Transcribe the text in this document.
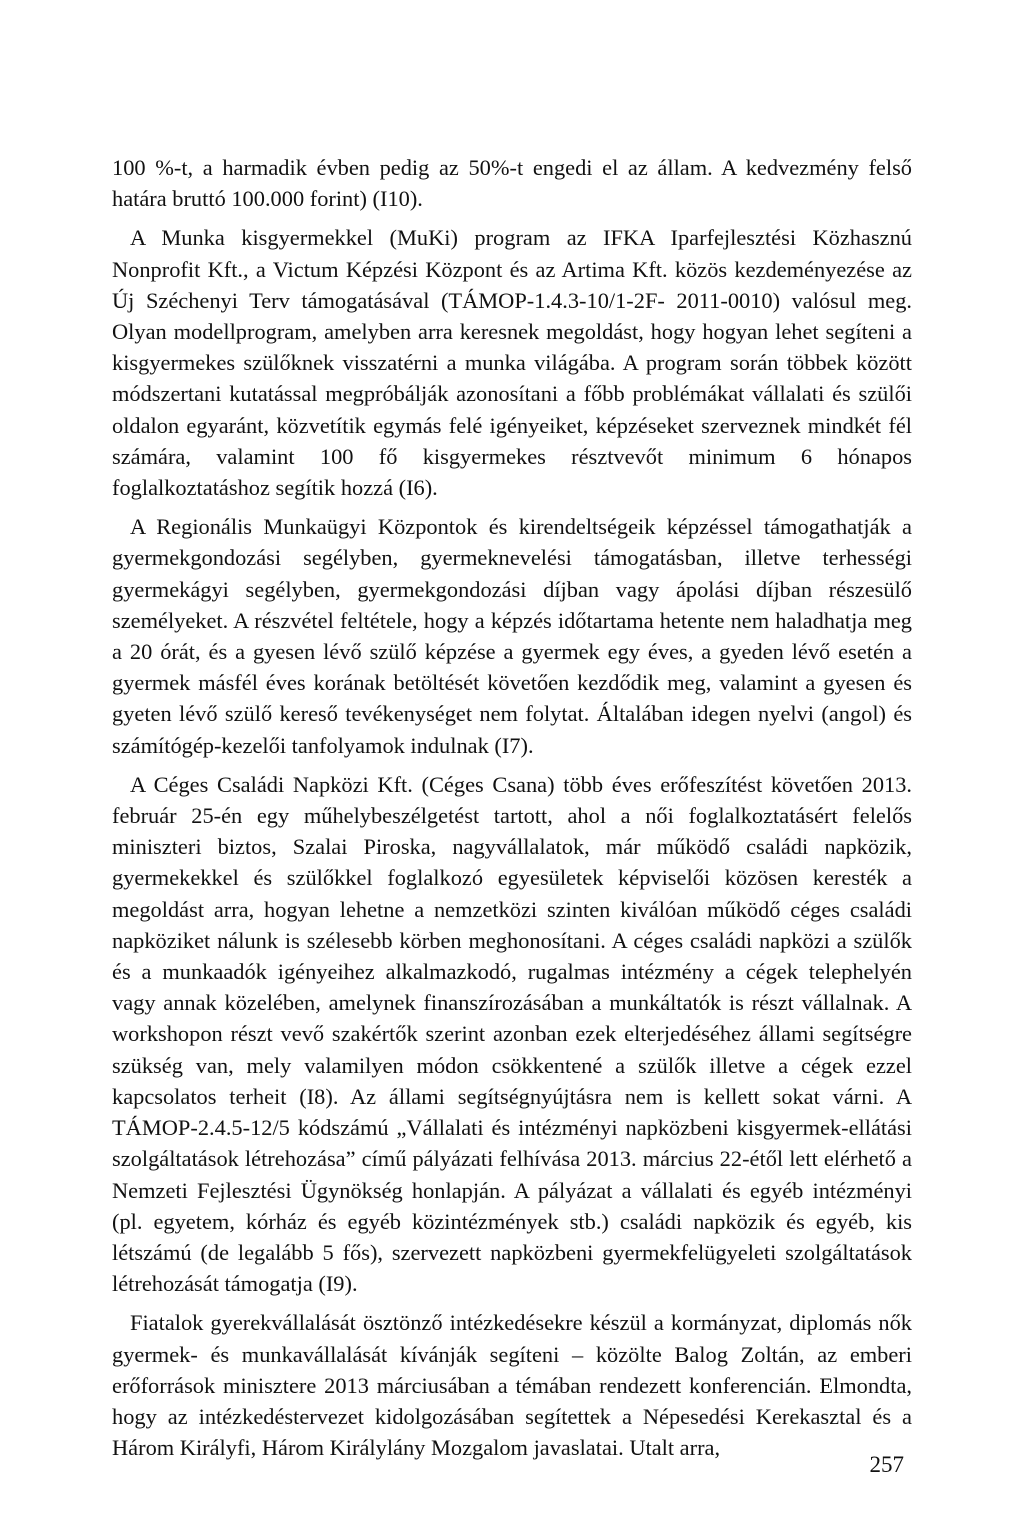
100 %-t, a harmadik évben pedig az 50%-t engedi el az állam. A kedvezmény felső határa bruttó 100.000 forint) (I10).

A Munka kisgyermekkel (MuKi) program az IFKA Iparfejlesztési Közhasznú Nonprofit Kft., a Victum Képzési Központ és az Artima Kft. közös kezdeményezése az Új Széchenyi Terv támogatásával (TÁMOP-1.4.3-10/1-2F- 2011-0010) valósul meg. Olyan modellprogram, amelyben arra keresnek megoldást, hogy hogyan lehet segíteni a kisgyermekes szülőknek visszatérni a munka világába. A program során többek között módszertani kutatással megpróbálják azonosítani a főbb problémákat vállalati és szülői oldalon egyaránt, közvetítik egymás felé igényeiket, képzéseket szerveznek mindkét fél számára, valamint 100 fő kisgyermekes résztvevőt minimum 6 hónapos foglalkoztatáshoz segítik hozzá (I6).

A Regionális Munkaügyi Központok és kirendeltségeik képzéssel támogathatják a gyermekgondozási segélyben, gyermeknevelési támogatásban, illetve terhességi gyermekágyi segélyben, gyermekgondozási díjban vagy ápolási díjban részesülő személyeket. A részvétel feltétele, hogy a képzés időtartama hetente nem haladhatja meg a 20 órát, és a gyesen lévő szülő képzése a gyermek egy éves, a gyeden lévő esetén a gyermek másfél éves korának betöltését követően kezdődik meg, valamint a gyesen és gyeten lévő szülő kereső tevékenységet nem folytat. Általában idegen nyelvi (angol) és számítógép-kezelői tanfolyamok indulnak (I7).

A Céges Családi Napközi Kft. (Céges Csana) több éves erőfeszítést követően 2013. február 25-én egy műhelybeszélgetést tartott, ahol a női foglalkoztatásért felelős miniszteri biztos, Szalai Piroska, nagyvállalatok, már működő családi napközik, gyermekekkel és szülőkkel foglalkozó egyesületek képviselői közösen keresték a megoldást arra, hogyan lehetne a nemzetközi szinten kiválóan működő céges családi napköziket nálunk is szélesebb körben meghonosítani. A céges családi napközi a szülők és a munkaadók igényeihez alkalmazkodó, rugalmas intézmény a cégek telephelyén vagy annak közelében, amelynek finanszírozásában a munkáltatók is részt vállalnak. A workshopon részt vevő szakértők szerint azonban ezek elterjedéséhez állami segítségre szükség van, mely valamilyen módon csökkentené a szülők illetve a cégek ezzel kapcsolatos terheit (I8). Az állami segítségnyújtásra nem is kellett sokat várni. A TÁMOP-2.4.5-12/5 kódszámú „Vállalati és intézményi napközbeni kisgyermek-ellátási szolgáltatások létrehozása” című pályázati felhívása 2013. március 22-étől lett elérhető a Nemzeti Fejlesztési Ügynökség honlapján. A pályázat a vállalati és egyéb intézményi (pl. egyetem, kórház és egyéb közintézmények stb.) családi napközik és egyéb, kis létszámú (de legalább 5 fős), szervezett napközbeni gyermekfelügyeleti szolgáltatások létrehozását támogatja (I9).

Fiatalok gyerekvállalását ösztönző intézkedésekre készül a kormányzat, diplomás nők gyermek- és munkavállalását kívánják segíteni – közölte Balog Zoltán, az emberi erőforrások minisztere 2013 márciusában a témában rendezett konferencián. Elmondta, hogy az intézkedéstervezet kidolgozásában segítettek a Népesedési Kerekasztal és a Három Királyfi, Három Királylány Mozgalom javaslatai. Utalt arra,

257
